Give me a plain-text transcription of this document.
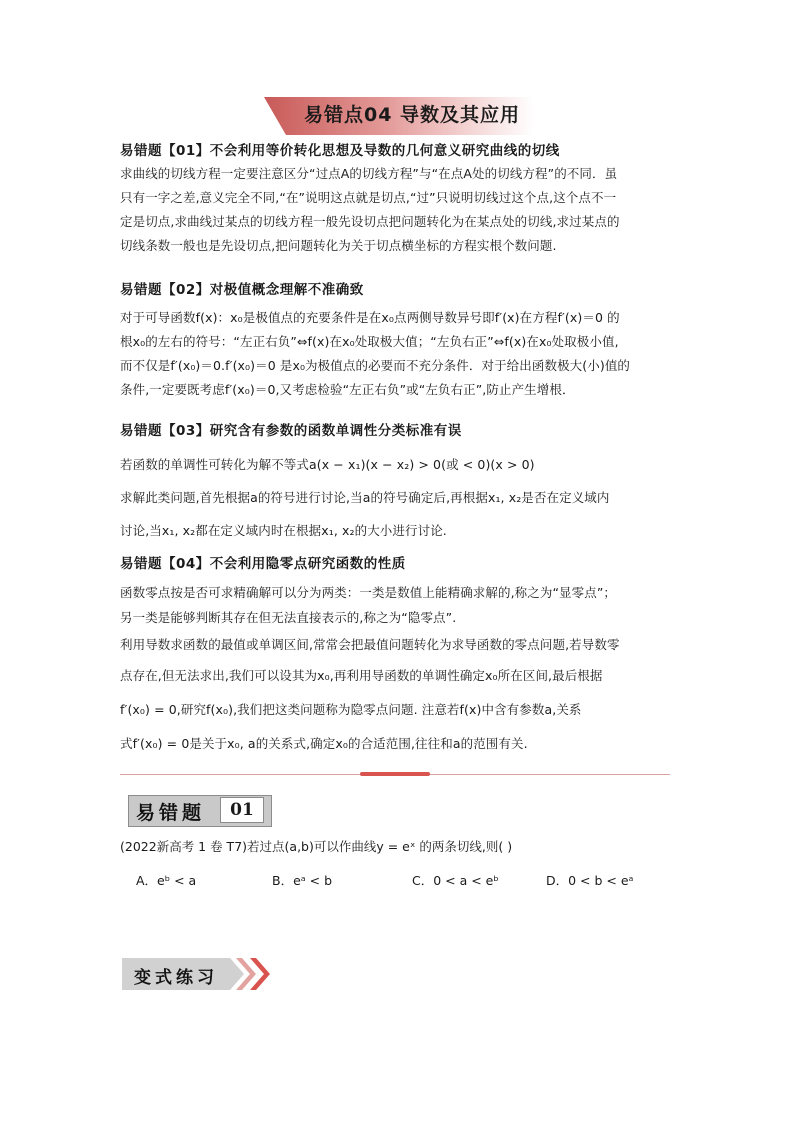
易错点04 导数及其应用
易错题【01】不会利用等价转化思想及导数的几何意义研究曲线的切线
求曲线的切线方程一定要注意区分“过点A的切线方程”与“在点A处的切线方程”的不同．虽
只有一字之差,意义完全不同,“在”说明这点就是切点,“过”只说明切线过这个点,这个点不一
定是切点,求曲线过某点的切线方程一般先设切点把问题转化为在某点处的切线,求过某点的
切线条数一般也是先设切点,把问题转化为关于切点横坐标的方程实根个数问题.
易错题【02】对极值概念理解不准确致
对于可导函数f(x)：x₀是极值点的充要条件是在x₀点两侧导数异号即f′(x)在方程f′(x)＝0 的
根x₀的左右的符号：“左正右负”⇔f(x)在x₀处取极大值；“左负右正”⇔f(x)在x₀处取极小值,
而不仅是f′(x₀)＝0.f′(x₀)＝0 是x₀为极值点的必要而不充分条件．对于给出函数极大(小)值的
条件,一定要既考虑f′(x₀)＝0,又考虑检验“左正右负”或“左负右正”,防止产生增根．
易错题【03】研究含有参数的函数单调性分类标准有误
若函数的单调性可转化为解不等式a(x − x₁)(x − x₂) > 0(或 < 0)(x > 0)
求解此类问题,首先根据a的符号进行讨论,当a的符号确定后,再根据x₁, x₂是否在定义域内
讨论,当x₁, x₂都在定义域内时在根据x₁, x₂的大小进行讨论.
易错题【04】不会利用隐零点研究函数的性质
函数零点按是否可求精确解可以分为两类：一类是数值上能精确求解的,称之为“显零点”；
另一类是能够判断其存在但无法直接表示的,称之为“隐零点”.
利用导数求函数的最值或单调区间,常常会把最值问题转化为求导函数的零点问题,若导数零
点存在,但无法求出,我们可以设其为x₀,再利用导函数的单调性确定x₀所在区间,最后根据
f′(x₀) = 0,研究f(x₀),我们把这类问题称为隐零点问题. 注意若f(x)中含有参数a,关系
式f′(x₀) = 0是关于x₀, a的关系式,确定x₀的合适范围,往往和a的范围有关.
易错题	01
(2022新高考 1 卷 T7)若过点(a,b)可以作曲线y = eˣ 的两条切线,则( )
A．eᵇ < a	B．eᵃ < b	C．0 < a < eᵇ	D．0 < b < eᵃ
变式练习
